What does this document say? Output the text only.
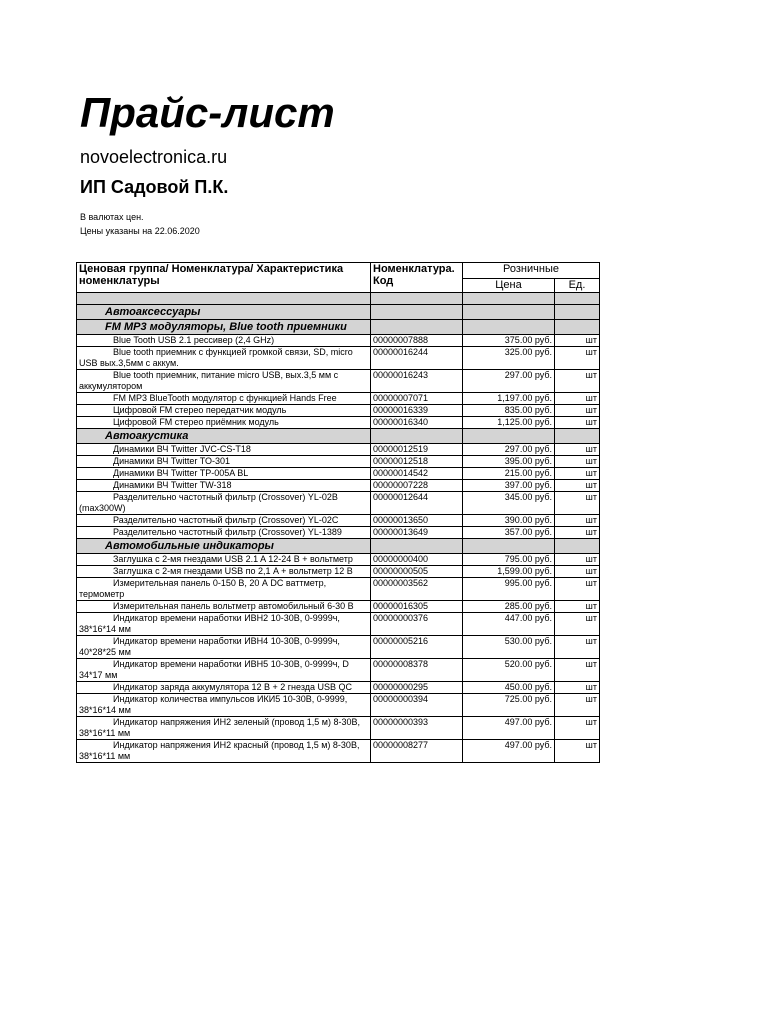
Прайс-лист
novoelectronica.ru
ИП Садовой П.К.
В валютах цен.
Цены указаны на 22.06.2020
Ценовая группа/ Номенклатура/ Характеристика номенклатуры	Номенклатура. Код	Розничные	
		Цена	Ед.

Автоаксессуары			
FM MP3 модуляторы, Blue tooth приемники			
Blue Tooth USB 2.1 рессивер (2,4 GHz)	00000007888	375.00 руб.	шт
Blue tooth приемник с функцией громкой связи, SD, micro USB вых.3,5мм с аккум.	00000016244	325.00 руб.	шт
Blue tooth приемник, питание micro USB, вых.3,5 мм с аккумулятором	00000016243	297.00 руб.	шт
FM MP3 BlueTooth модулятор с функцией Hands Free	00000007071	1,197.00 руб.	шт
Цифровой FM стерео передатчик модуль	00000016339	835.00 руб.	шт
Цифровой FM стерео приёмник модуль	00000016340	1,125.00 руб.	шт
Автоакустика			
Динамики ВЧ Twitter JVC-CS-T18	00000012519	297.00 руб.	шт
Динамики ВЧ Twitter TO-301	00000012518	395.00 руб.	шт
Динамики ВЧ Twitter TP-005A BL	00000014542	215.00 руб.	шт
Динамики ВЧ Twitter TW-318	00000007228	397.00 руб.	шт
Разделительно частотный фильтр (Crossover) YL-02B (max300W)	00000012644	345.00 руб.	шт
Разделительно частотный фильтр (Crossover) YL-02C	00000013650	390.00 руб.	шт
Разделительно частотный фильтр (Crossover) YL-1389	00000013649	357.00 руб.	шт
Автомобильные индикаторы			
Заглушка с 2-мя гнездами USB 2.1 A 12-24 В + вольтметр	00000000400	795.00 руб.	шт
Заглушка с 2-мя гнездами USB по 2,1 A + вольтметр 12 В	00000000505	1,599.00 руб.	шт
Измерительная панель 0-150 В, 20 А DC ваттметр, термометр	00000003562	995.00 руб.	шт
Измерительная панель вольтметр автомобильный 6-30 В	00000016305	285.00 руб.	шт
Индикатор времени наработки ИВН2 10-30В, 0-9999ч, 38*16*14 мм	00000000376	447.00 руб.	шт
Индикатор времени наработки ИВН4 10-30В, 0-9999ч, 40*28*25 мм	00000005216	530.00 руб.	шт
Индикатор времени наработки ИВН5 10-30В, 0-9999ч, D 34*17 мм	00000008378	520.00 руб.	шт
Индикатор заряда аккумулятора 12 В + 2 гнезда USB QC	00000000295	450.00 руб.	шт
Индикатор количества импульсов ИКИ5 10-30В, 0-9999, 38*16*14 мм	00000000394	725.00 руб.	шт
Индикатор напряжения ИН2 зеленый (провод 1,5 м) 8-30В, 38*16*11 мм	00000000393	497.00 руб.	шт
Индикатор напряжения ИН2 красный (провод 1,5 м) 8-30В, 38*16*11 мм	00000008277	497.00 руб.	шт
